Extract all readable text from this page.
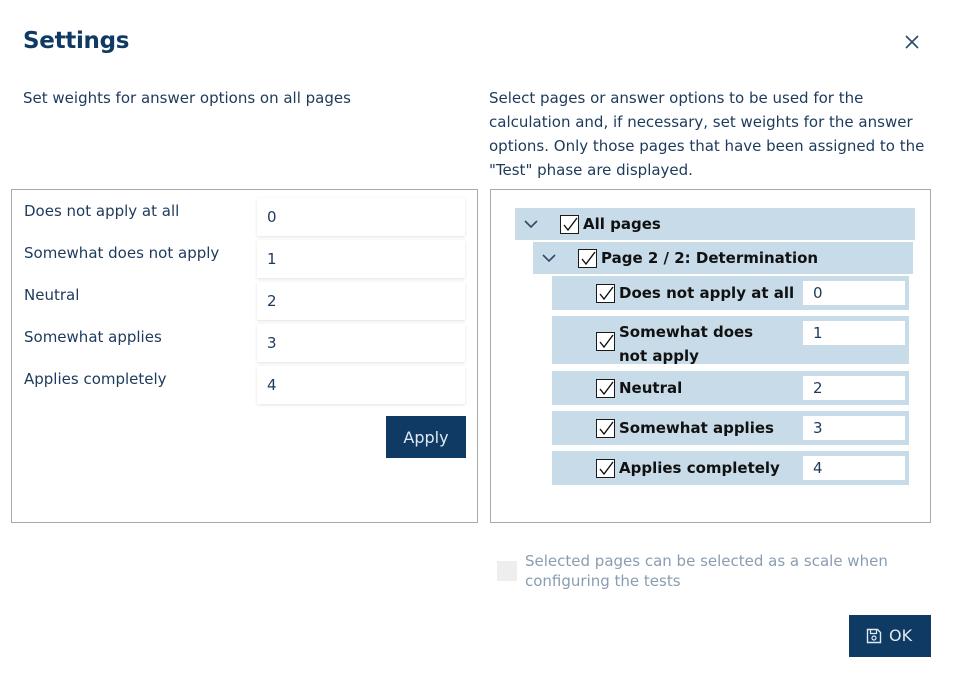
Settings
Set weights for answer options on all pages	Select pages or answer options to be used for the calculation and, if necessary, set weights for the answer options. Only those pages that have been assigned to the "Test" phase are displayed.
Does not apply at all
0
Somewhat does not apply
1
Neutral
2
Somewhat applies
3
Applies completely
4
Apply
All pages
Page 2 / 2: Determination
Does not apply at all
0
Somewhat does not apply
1
Neutral
2
Somewhat applies
3
Applies completely
4
Selected pages can be selected as a scale when configuring the tests
OK
